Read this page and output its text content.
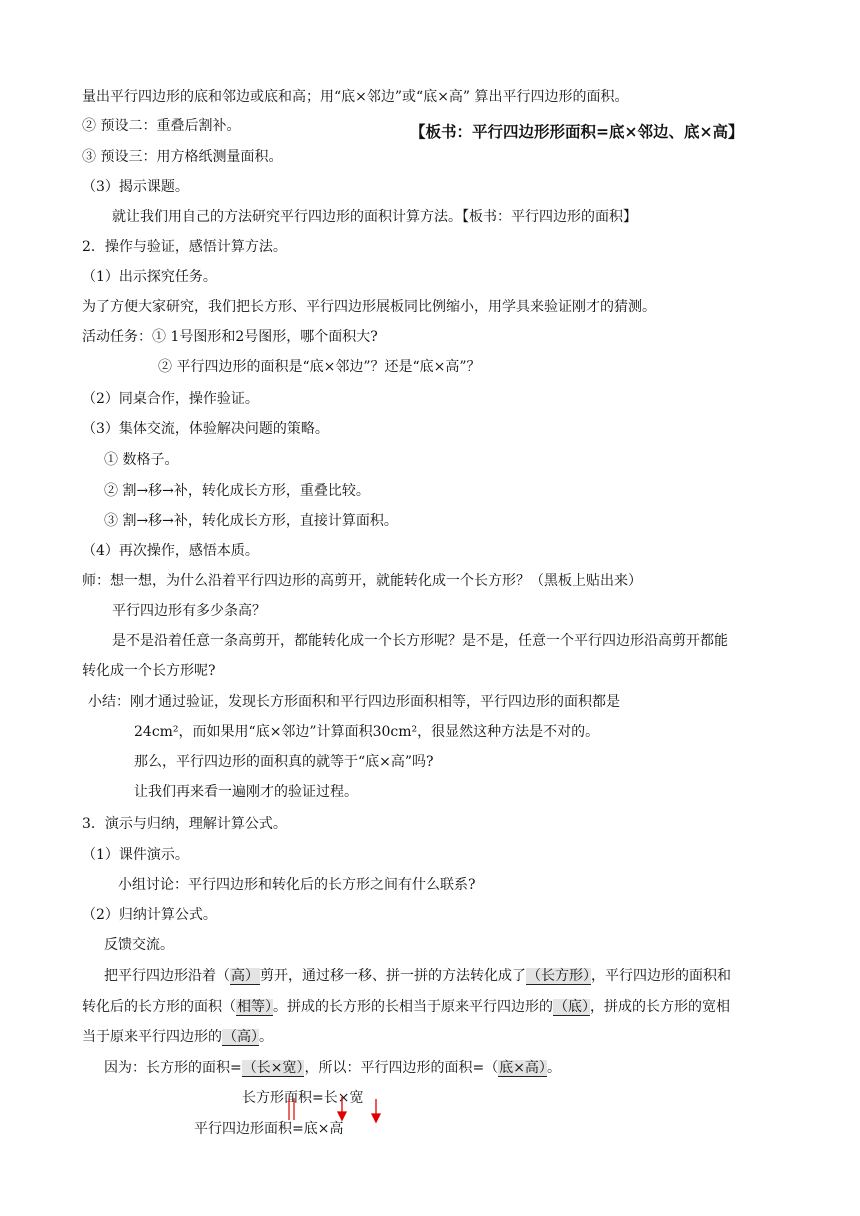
量出平行四边形的底和邻边或底和高；用“底×邻边”或“底×高” 算出平行四边形的面积。
② 预设二：重叠后割补。	【板书：平行四边形形面积=底×邻边、底×高】
③ 预设三：用方格纸测量面积。
（3）揭示课题。
就让我们用自己的方法研究平行四边形的面积计算方法。【板书：平行四边形的面积】
2．操作与验证，感悟计算方法。
（1）出示探究任务。
为了方便大家研究，我们把长方形、平行四边形展板同比例缩小，用学具来验证刚才的猜测。
活动任务：① 1号图形和2号图形，哪个面积大?
② 平行四边形的面积是“底×邻边”？还是“底×高”？
（2）同桌合作，操作验证。
（3）集体交流，体验解决问题的策略。
① 数格子。
② 割→移→补，转化成长方形，重叠比较。
③ 割→移→补，转化成长方形，直接计算面积。
（4）再次操作，感悟本质。
师：想一想，为什么沿着平行四边形的高剪开，就能转化成一个长方形？（黑板上贴出来）
平行四边形有多少条高？
是不是沿着任意一条高剪开，都能转化成一个长方形呢？是不是，任意一个平行四边形沿高剪开都能
转化成一个长方形呢?
小结：刚才通过验证，发现长方形面积和平行四边形面积相等，平行四边形的面积都是
24cm²，而如果用“底×邻边”计算面积30cm²，很显然这种方法是不对的。
那么，平行四边形的面积真的就等于“底×高”吗?
让我们再来看一遍刚才的验证过程。
3．演示与归纳，理解计算公式。
（1）课件演示。
小组讨论：平行四边形和转化后的长方形之间有什么联系?
（2）归纳计算公式。
反馈交流。
把平行四边形沿着（高）剪开，通过移一移、拼一拼的方法转化成了（长方形），平行四边形的面积和
转化后的长方形的面积（相等）。拼成的长方形的长相当于原来平行四边形的（底），拼成的长方形的宽相
当于原来平行四边形的（高）。
因为：长方形的面积=（长×宽），所以：平行四边形的面积=（底×高）。
长方形面积=长×宽
平行四边形面积=底×高
